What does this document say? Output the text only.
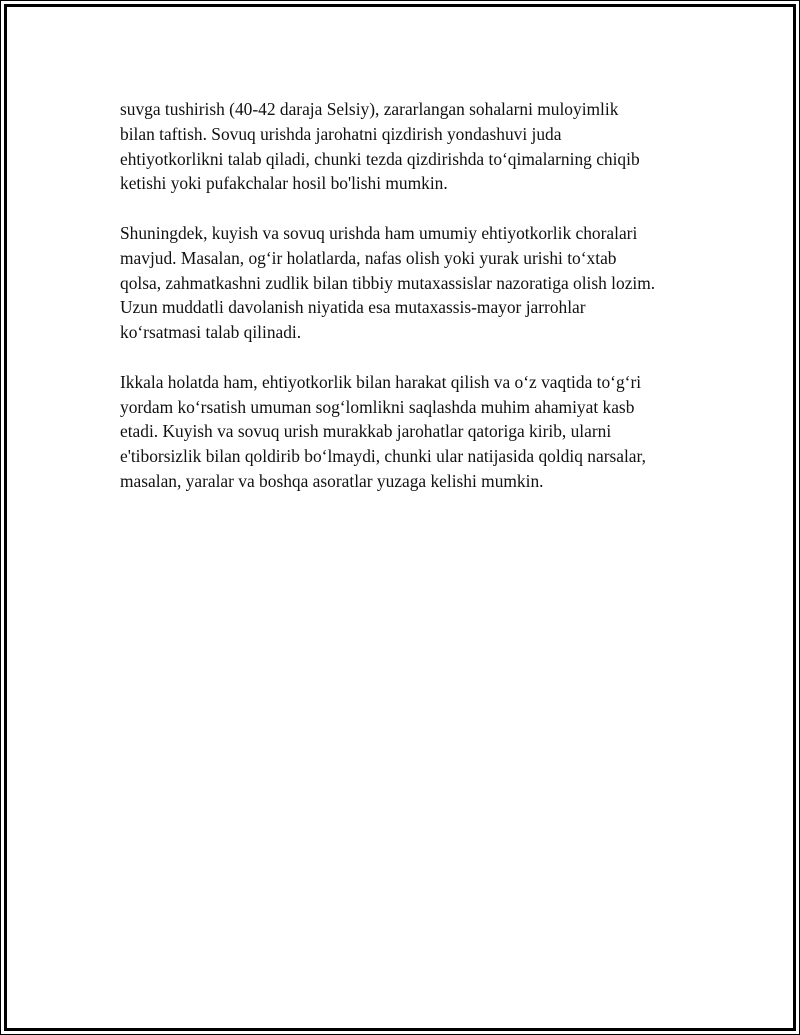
suvga tushirish (40-42 daraja Selsiy), zararlangan sohalarni muloyimlik
bilan taftish. Sovuq urishda jarohatni qizdirish yondashuvi juda
ehtiyotkorlikni talab qiladi, chunki tezda qizdirishda to‘qimalarning chiqib
ketishi yoki pufakchalar hosil bo'lishi mumkin.

Shuningdek, kuyish va sovuq urishda ham umumiy ehtiyotkorlik choralari
mavjud. Masalan, og‘ir holatlarda, nafas olish yoki yurak urishi to‘xtab
qolsa, zahmatkashni zudlik bilan tibbiy mutaxassislar nazoratiga olish lozim.
Uzun muddatli davolanish niyatida esa mutaxassis-mayor jarrohlar
ko‘rsatmasi talab qilinadi.

Ikkala holatda ham, ehtiyotkorlik bilan harakat qilish va o‘z vaqtida to‘g‘ri
yordam ko‘rsatish umuman sog‘lomlikni saqlashda muhim ahamiyat kasb
etadi. Kuyish va sovuq urish murakkab jarohatlar qatoriga kirib, ularni
e'tiborsizlik bilan qoldirib bo‘lmaydi, chunki ular natijasida qoldiq narsalar,
masalan, yaralar va boshqa asoratlar yuzaga kelishi mumkin.
